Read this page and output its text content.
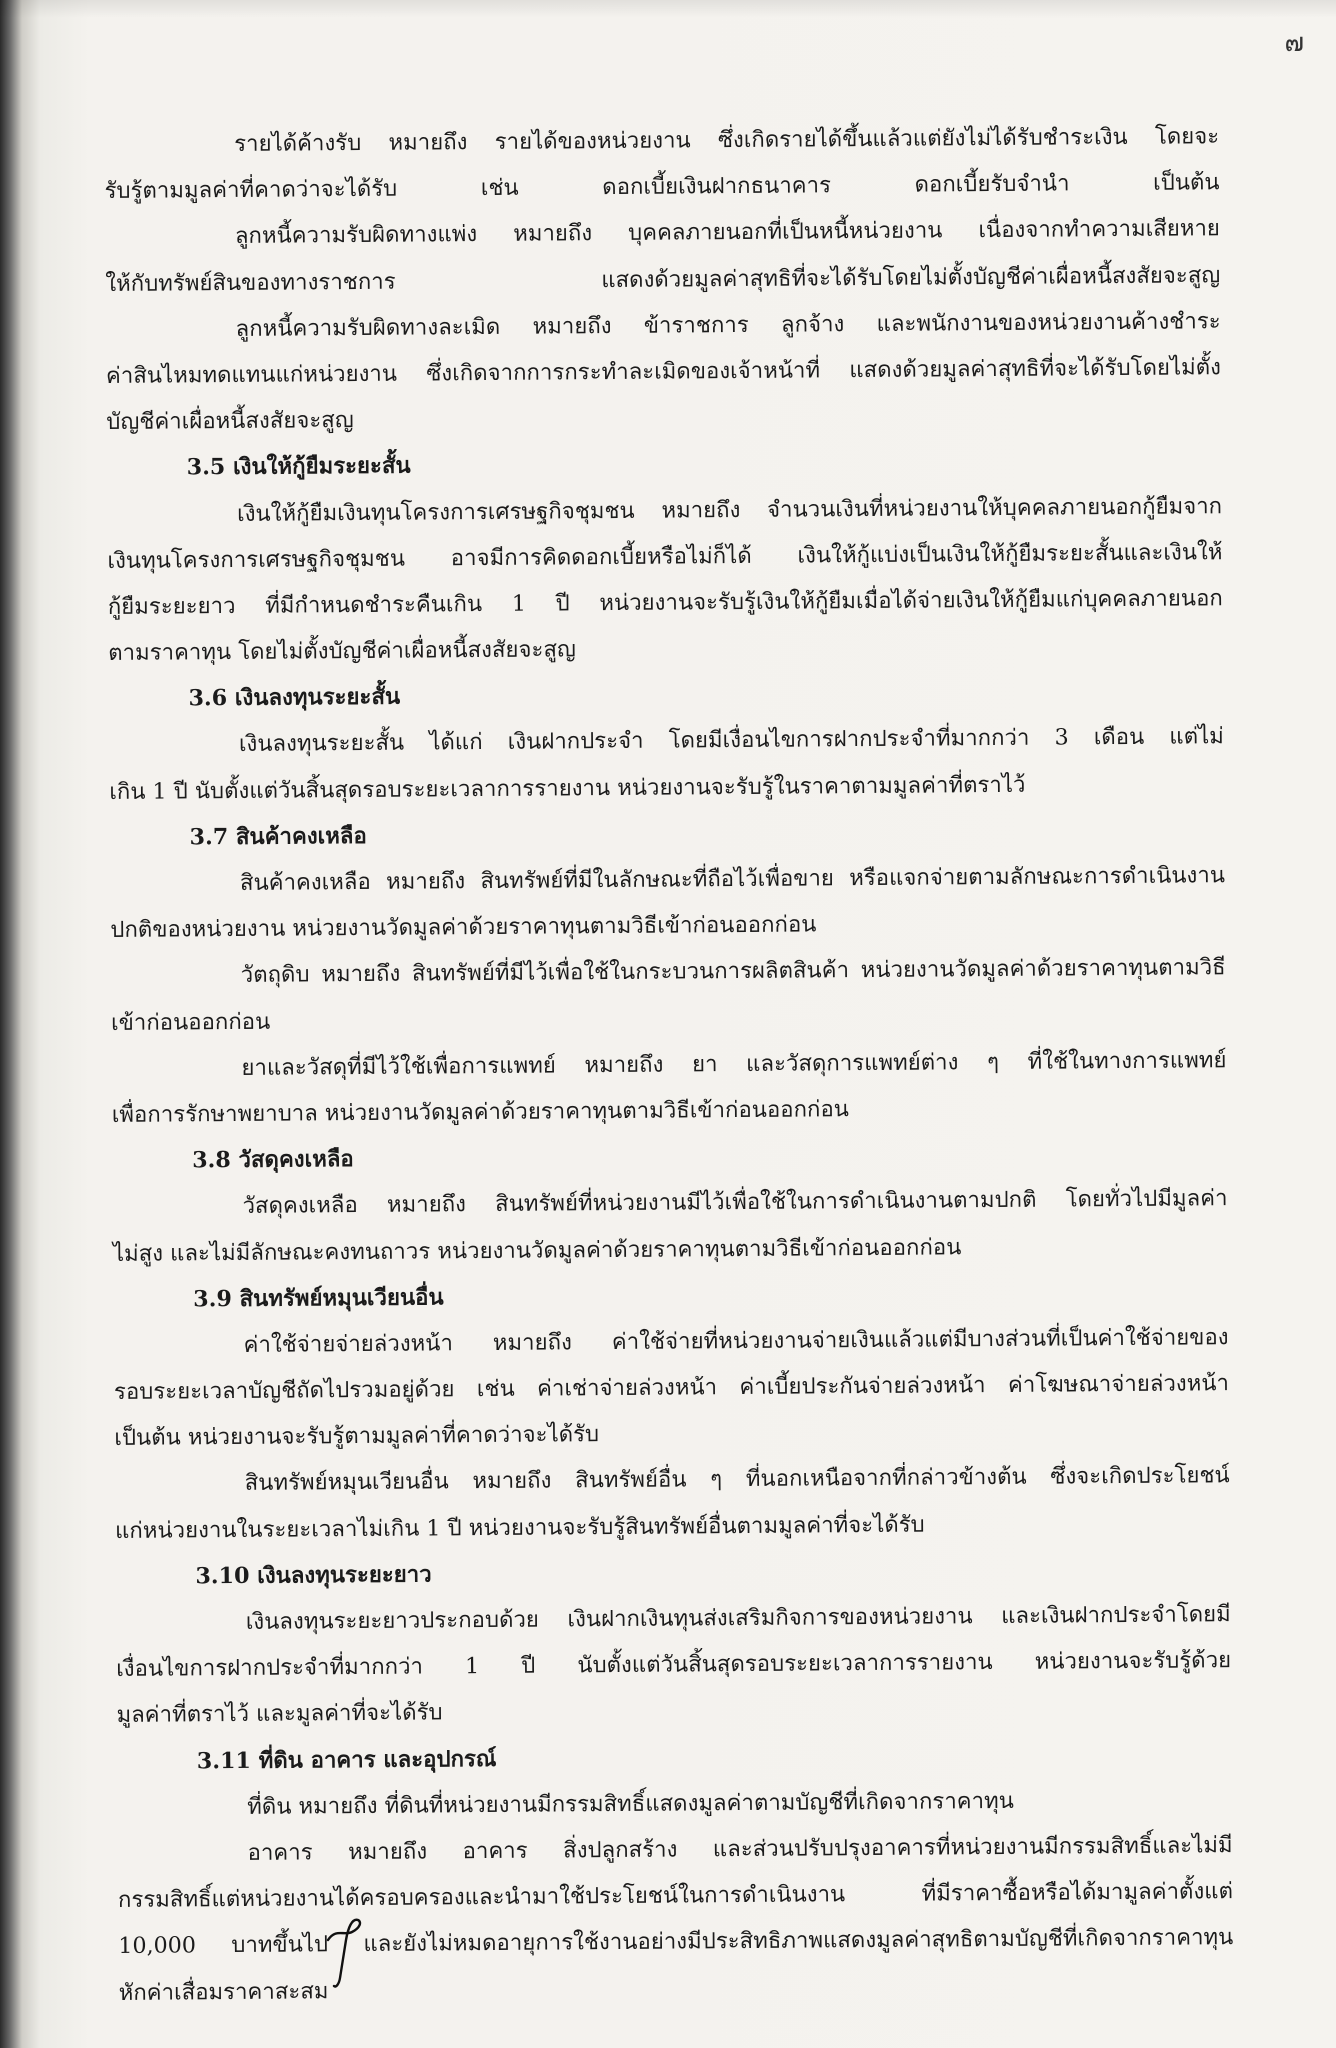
๗
รายได้ค้างรับ หมายถึง รายได้ของหน่วยงาน ซึ่งเกิดรายได้ขึ้นแล้วแต่ยังไม่ได้รับชำระเงิน โดยจะ
รับรู้ตามมูลค่าที่คาดว่าจะได้รับ เช่น ดอกเบี้ยเงินฝากธนาคาร ดอกเบี้ยรับจำนำ เป็นต้น
ลูกหนี้ความรับผิดทางแพ่ง หมายถึง บุคคลภายนอกที่เป็นหนี้หน่วยงาน เนื่องจากทำความเสียหาย
ให้กับทรัพย์สินของทางราชการ แสดงด้วยมูลค่าสุทธิที่จะได้รับโดยไม่ตั้งบัญชีค่าเผื่อหนี้สงสัยจะสูญ
ลูกหนี้ความรับผิดทางละเมิด หมายถึง ข้าราชการ ลูกจ้าง และพนักงานของหน่วยงานค้างชำระ
ค่าสินไหมทดแทนแก่หน่วยงาน ซึ่งเกิดจากการกระทำละเมิดของเจ้าหน้าที่ แสดงด้วยมูลค่าสุทธิที่จะได้รับโดยไม่ตั้ง
บัญชีค่าเผื่อหนี้สงสัยจะสูญ
3.5 เงินให้กู้ยืมระยะสั้น
เงินให้กู้ยืมเงินทุนโครงการเศรษฐกิจชุมชน หมายถึง จำนวนเงินที่หน่วยงานให้บุคคลภายนอกกู้ยืมจาก
เงินทุนโครงการเศรษฐกิจชุมชน อาจมีการคิดดอกเบี้ยหรือไม่ก็ได้ เงินให้กู้แบ่งเป็นเงินให้กู้ยืมระยะสั้นและเงินให้
กู้ยืมระยะยาว ที่มีกำหนดชำระคืนเกิน 1 ปี หน่วยงานจะรับรู้เงินให้กู้ยืมเมื่อได้จ่ายเงินให้กู้ยืมแก่บุคคลภายนอก
ตามราคาทุน โดยไม่ตั้งบัญชีค่าเผื่อหนี้สงสัยจะสูญ
3.6 เงินลงทุนระยะสั้น
เงินลงทุนระยะสั้น ได้แก่ เงินฝากประจำ โดยมีเงื่อนไขการฝากประจำที่มากกว่า 3 เดือน แต่ไม่
เกิน 1 ปี นับตั้งแต่วันสิ้นสุดรอบระยะเวลาการรายงาน หน่วยงานจะรับรู้ในราคาตามมูลค่าที่ตราไว้
3.7 สินค้าคงเหลือ
สินค้าคงเหลือ หมายถึง สินทรัพย์ที่มีในลักษณะที่ถือไว้เพื่อขาย หรือแจกจ่ายตามลักษณะการดำเนินงาน
ปกติของหน่วยงาน หน่วยงานวัดมูลค่าด้วยราคาทุนตามวิธีเข้าก่อนออกก่อน
วัตถุดิบ หมายถึง สินทรัพย์ที่มีไว้เพื่อใช้ในกระบวนการผลิตสินค้า หน่วยงานวัดมูลค่าด้วยราคาทุนตามวิธี
เข้าก่อนออกก่อน
ยาและวัสดุที่มีไว้ใช้เพื่อการแพทย์ หมายถึง ยา และวัสดุการแพทย์ต่าง ๆ ที่ใช้ในทางการแพทย์
เพื่อการรักษาพยาบาล หน่วยงานวัดมูลค่าด้วยราคาทุนตามวิธีเข้าก่อนออกก่อน
3.8 วัสดุคงเหลือ
วัสดุคงเหลือ หมายถึง สินทรัพย์ที่หน่วยงานมีไว้เพื่อใช้ในการดำเนินงานตามปกติ โดยทั่วไปมีมูลค่า
ไม่สูง และไม่มีลักษณะคงทนถาวร หน่วยงานวัดมูลค่าด้วยราคาทุนตามวิธีเข้าก่อนออกก่อน
3.9 สินทรัพย์หมุนเวียนอื่น
ค่าใช้จ่ายจ่ายล่วงหน้า หมายถึง ค่าใช้จ่ายที่หน่วยงานจ่ายเงินแล้วแต่มีบางส่วนที่เป็นค่าใช้จ่ายของ
รอบระยะเวลาบัญชีถัดไปรวมอยู่ด้วย เช่น ค่าเช่าจ่ายล่วงหน้า ค่าเบี้ยประกันจ่ายล่วงหน้า ค่าโฆษณาจ่ายล่วงหน้า
เป็นต้น หน่วยงานจะรับรู้ตามมูลค่าที่คาดว่าจะได้รับ
สินทรัพย์หมุนเวียนอื่น หมายถึง สินทรัพย์อื่น ๆ ที่นอกเหนือจากที่กล่าวข้างต้น ซึ่งจะเกิดประโยชน์
แก่หน่วยงานในระยะเวลาไม่เกิน 1 ปี หน่วยงานจะรับรู้สินทรัพย์อื่นตามมูลค่าที่จะได้รับ
3.10 เงินลงทุนระยะยาว
เงินลงทุนระยะยาวประกอบด้วย เงินฝากเงินทุนส่งเสริมกิจการของหน่วยงาน และเงินฝากประจำโดยมี
เงื่อนไขการฝากประจำที่มากกว่า 1 ปี นับตั้งแต่วันสิ้นสุดรอบระยะเวลาการรายงาน หน่วยงานจะรับรู้ด้วย
มูลค่าที่ตราไว้ และมูลค่าที่จะได้รับ
3.11 ที่ดิน อาคาร และอุปกรณ์
ที่ดิน หมายถึง ที่ดินที่หน่วยงานมีกรรมสิทธิ์แสดงมูลค่าตามบัญชีที่เกิดจากราคาทุน
อาคาร หมายถึง อาคาร สิ่งปลูกสร้าง และส่วนปรับปรุงอาคารที่หน่วยงานมีกรรมสิทธิ์และไม่มี
กรรมสิทธิ์แต่หน่วยงานได้ครอบครองและนำมาใช้ประโยชน์ในการดำเนินงาน ที่มีราคาซื้อหรือได้มามูลค่าตั้งแต่
10,000 บาทขึ้นไป และยังไม่หมดอายุการใช้งานอย่างมีประสิทธิภาพแสดงมูลค่าสุทธิตามบัญชีที่เกิดจากราคาทุน
หักค่าเสื่อมราคาสะสม
